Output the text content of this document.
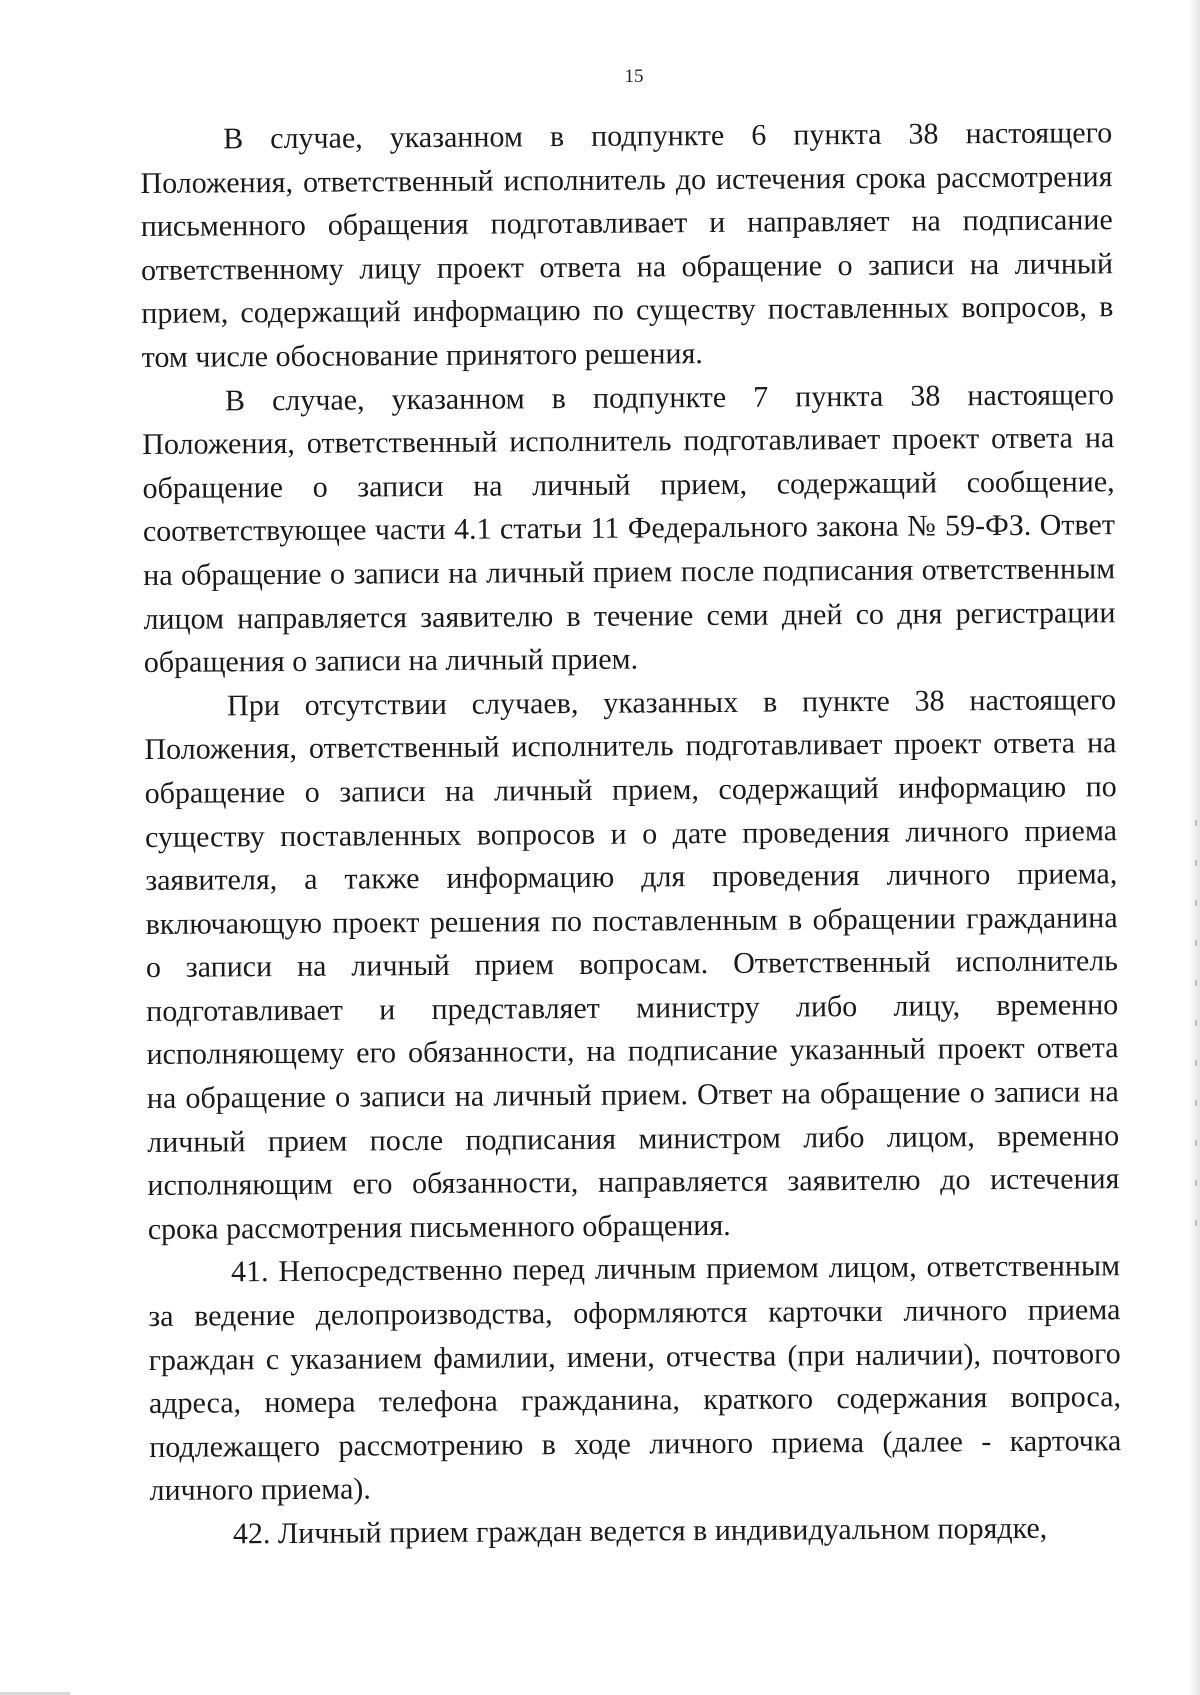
15

В случае, указанном в подпункте 6 пункта 38 настоящего Положения, ответственный исполнитель до истечения срока рассмотрения письменного обращения подготавливает и направляет на подписание ответственному лицу проект ответа на обращение о записи на личный прием, содержащий информацию по существу поставленных вопросов, в том числе обоснование принятого решения.

В случае, указанном в подпункте 7 пункта 38 настоящего Положения, ответственный исполнитель подготавливает проект ответа на обращение о записи на личный прием, содержащий сообщение, соответствующее части 4.1 статьи 11 Федерального закона № 59-ФЗ. Ответ на обращение о записи на личный прием после подписания ответственным лицом направляется заявителю в течение семи дней со дня регистрации обращения о записи на личный прием.

При отсутствии случаев, указанных в пункте 38 настоящего Положения, ответственный исполнитель подготавливает проект ответа на обращение о записи на личный прием, содержащий информацию по существу поставленных вопросов и о дате проведения личного приема заявителя, а также информацию для проведения личного приема, включающую проект решения по поставленным в обращении гражданина о записи на личный прием вопросам. Ответственный исполнитель подготавливает и представляет министру либо лицу, временно исполняющему его обязанности, на подписание указанный проект ответа на обращение о записи на личный прием. Ответ на обращение о записи на личный прием после подписания министром либо лицом, временно исполняющим его обязанности, направляется заявителю до истечения срока рассмотрения письменного обращения.

41. Непосредственно перед личным приемом лицом, ответственным за ведение делопроизводства, оформляются карточки личного приема граждан с указанием фамилии, имени, отчества (при наличии), почтового адреса, номера телефона гражданина, краткого содержания вопроса, подлежащего рассмотрению в ходе личного приема (далее - карточка личного приема).

42. Личный прием граждан ведется в индивидуальном порядке,
